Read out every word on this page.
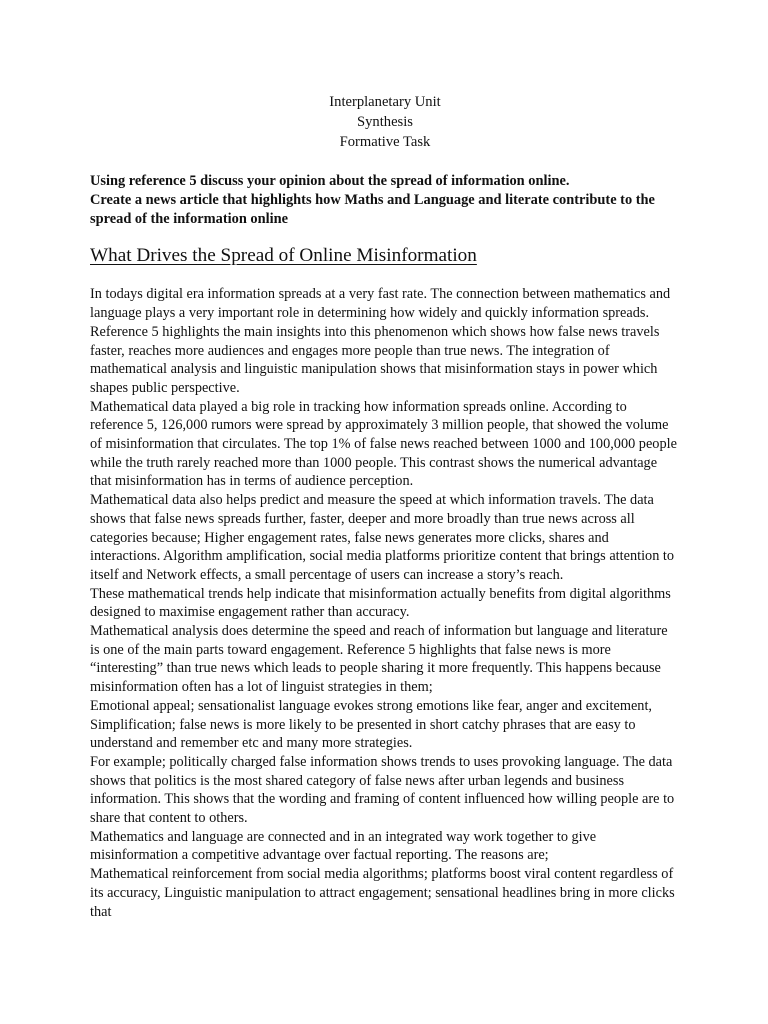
Interplanetary Unit
Synthesis
Formative Task

Using reference 5 discuss your opinion about the spread of information online.

Create a news article that highlights how Maths and Language and literate contribute to the spread of the information online

What Drives the Spread of Online Misinformation

In todays digital era information spreads at a very fast rate. The connection between mathematics and language plays a very important role in determining how widely and quickly information spreads. Reference 5 highlights the main insights into this phenomenon which shows how false news travels faster, reaches more audiences and engages more people than true news. The integration of mathematical analysis and linguistic manipulation shows that misinformation stays in power which shapes public perspective.

Mathematical data played a big role in tracking how information spreads online. According to reference 5, 126,000 rumors were spread by approximately 3 million people, that showed the volume of misinformation that circulates. The top 1% of false news reached between 1000 and 100,000 people while the truth rarely reached more than 1000 people. This contrast shows the numerical advantage that misinformation has in terms of audience perception.

Mathematical data also helps predict and measure the speed at which information travels. The data shows that false news spreads further, faster, deeper and more broadly than true news across all categories because; Higher engagement rates, false news generates more clicks, shares and interactions. Algorithm amplification, social media platforms prioritize content that brings attention to itself and Network effects, a small percentage of users can increase a story’s reach.

These mathematical trends help indicate that misinformation actually benefits from digital algorithms designed to maximise engagement rather than accuracy.

Mathematical analysis does determine the speed and reach of information but language and literature is one of the main parts toward engagement. Reference 5 highlights that false news is more “interesting” than true news which leads to people sharing it more frequently. This happens because misinformation often has a lot of linguist strategies in them;

Emotional appeal; sensationalist language evokes strong emotions like fear, anger and excitement, Simplification; false news is more likely to be presented in short catchy phrases that are easy to understand and remember etc and many more strategies.

For example; politically charged false information shows trends to uses provoking language. The data shows that politics is the most shared category of false news after urban legends and business information. This shows that the wording and framing of content influenced how willing people are to share that content to others.

Mathematics and language are connected and in an integrated way work together to give misinformation a competitive advantage over factual reporting. The reasons are;

Mathematical reinforcement from social media algorithms; platforms boost viral content regardless of its accuracy, Linguistic manipulation to attract engagement; sensational headlines bring in more clicks that
